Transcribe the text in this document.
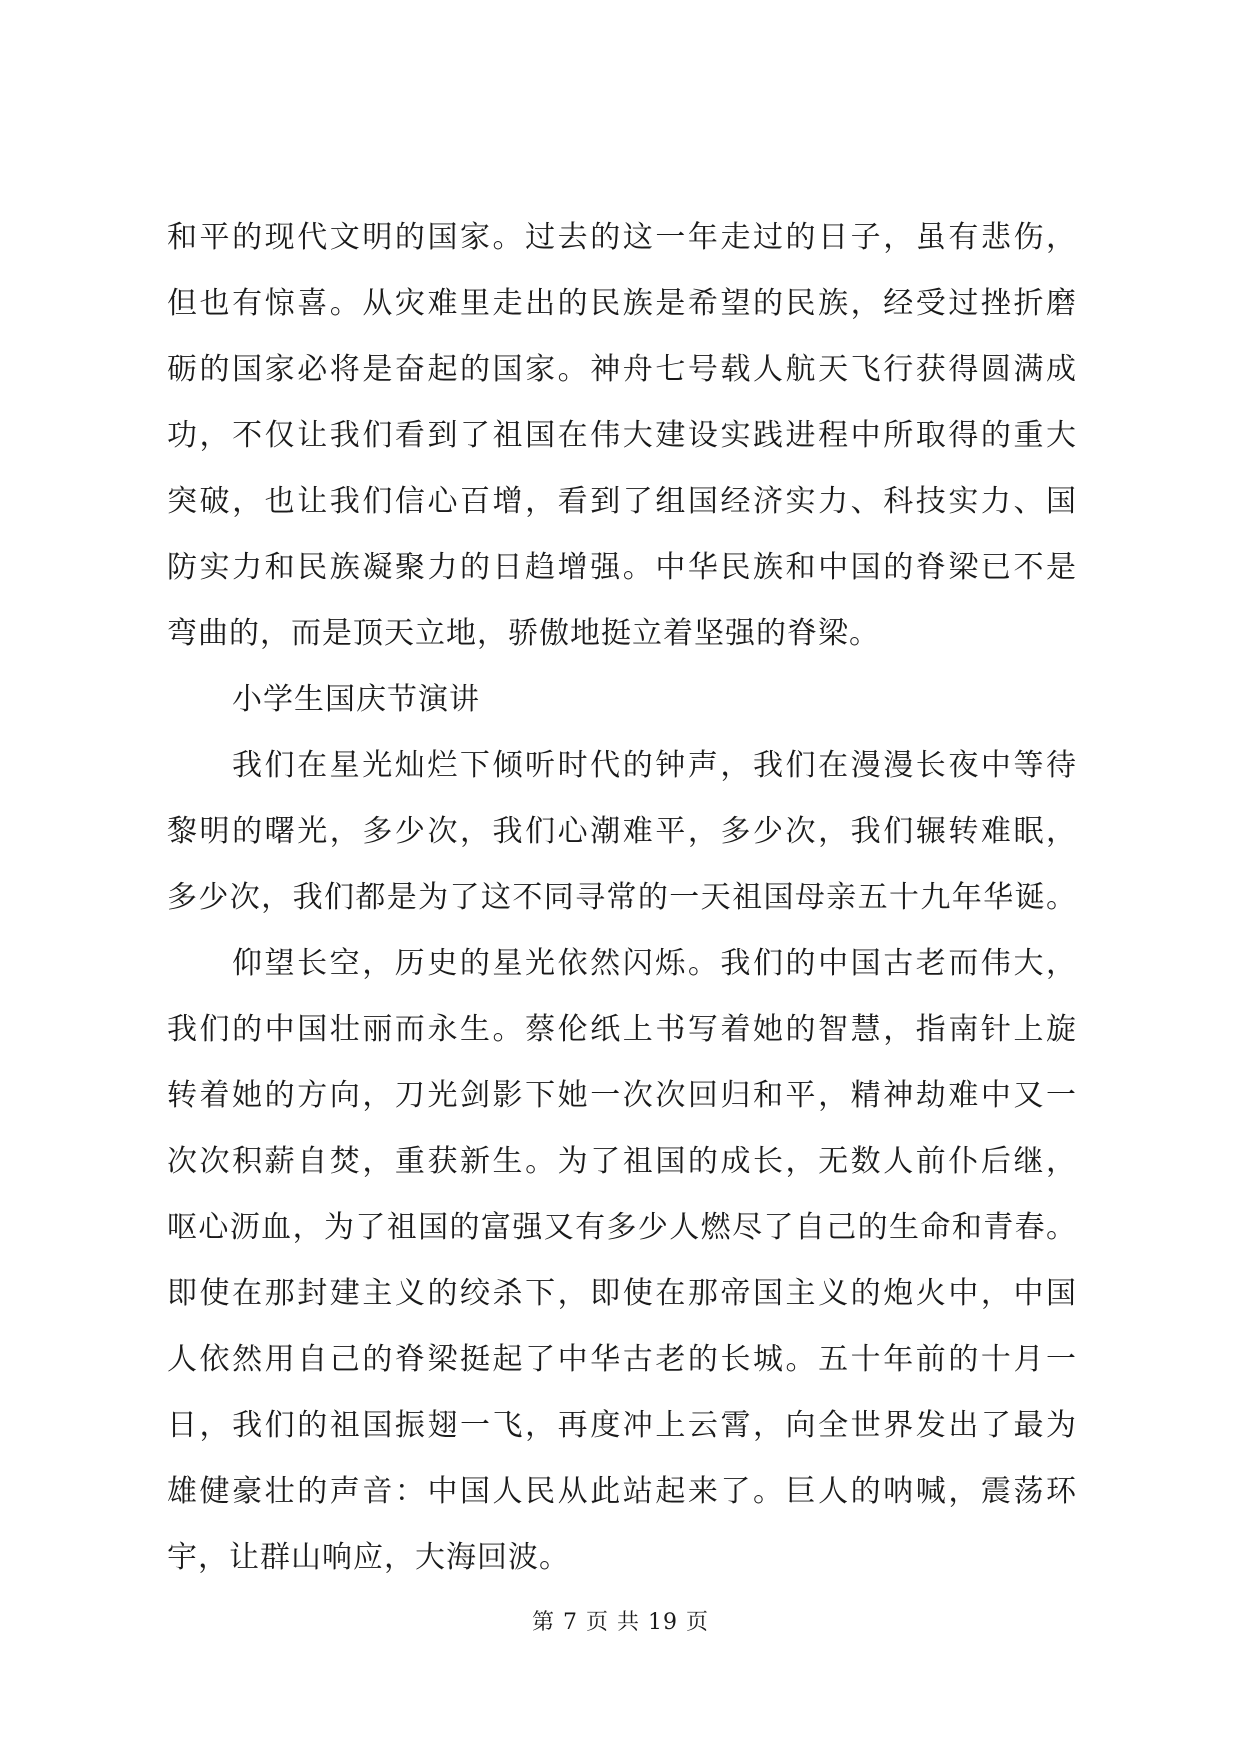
和平的现代文明的国家。过去的这一年走过的日子，虽有悲伤，
但也有惊喜。从灾难里走出的民族是希望的民族，经受过挫折磨
砺的国家必将是奋起的国家。神舟七号载人航天飞行获得圆满成
功，不仅让我们看到了祖国在伟大建设实践进程中所取得的重大
突破，也让我们信心百增，看到了组国经济实力、科技实力、国
防实力和民族凝聚力的日趋增强。中华民族和中国的脊梁已不是
弯曲的，而是顶天立地，骄傲地挺立着坚强的脊梁。
小学生国庆节演讲
我们在星光灿烂下倾听时代的钟声，我们在漫漫长夜中等待
黎明的曙光，多少次，我们心潮难平，多少次，我们辗转难眠，
多少次，我们都是为了这不同寻常的一天祖国母亲五十九年华诞。
仰望长空，历史的星光依然闪烁。我们的中国古老而伟大，
我们的中国壮丽而永生。蔡伦纸上书写着她的智慧，指南针上旋
转着她的方向，刀光剑影下她一次次回归和平，精神劫难中又一
次次积薪自焚，重获新生。为了祖国的成长，无数人前仆后继，
呕心沥血，为了祖国的富强又有多少人燃尽了自己的生命和青春。
即使在那封建主义的绞杀下，即使在那帝国主义的炮火中，中国
人依然用自己的脊梁挺起了中华古老的长城。五十年前的十月一
日，我们的祖国振翅一飞，再度冲上云霄，向全世界发出了最为
雄健豪壮的声音：中国人民从此站起来了。巨人的呐喊，震荡环
宇，让群山响应，大海回波。
第 7 页 共 19 页
